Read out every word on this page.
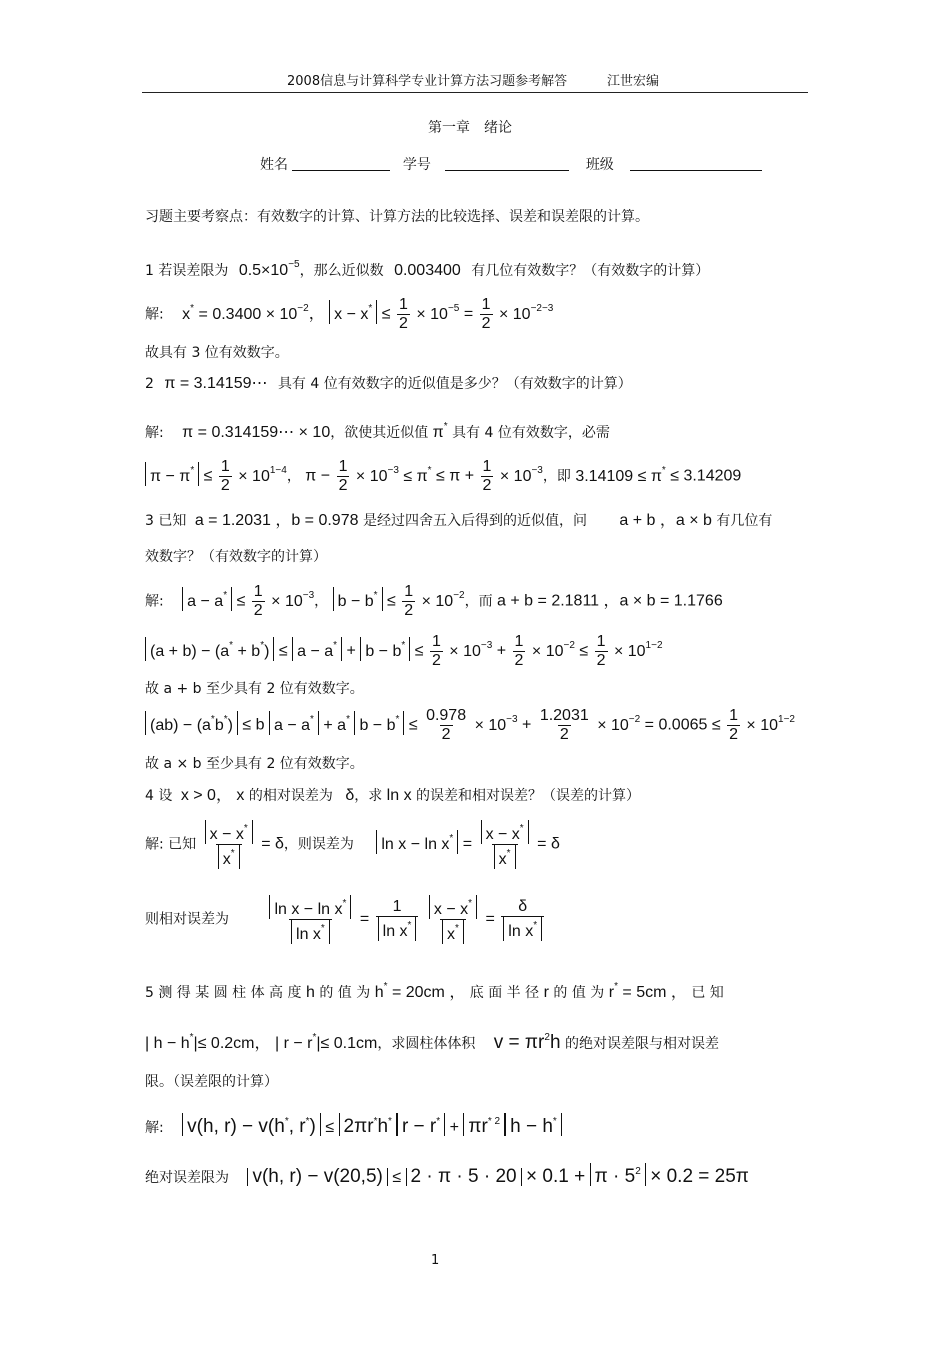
2008信息与计算科学专业计算方法习题参考解答	江世宏编
第一章　绪论
姓名	学号	班级
习题主要考察点：有效数字的计算、计算方法的比较选择、误差和误差限的计算。
1 若误差限为 $0.5\times 10^{-5}$，那么近似数 0.003400 有几位有效数字？（有效数字的计算）
解: $x^* = 0.3400 \times 10^{-2}$， $x - x^* \le \frac{1}{2} \times 10^{-5} = \frac{1}{2} \times 10^{-2-3}$
故具有 3 位有效数字。
2 π = 3.14159⋯ 具有 4 位有效数字的近似值是多少？（有效数字的计算）
解: π = 0.314159⋯ × 10，欲使其近似值 π* 具有 4 位有效数字，必需
$\pi - \pi^* \le \frac{1}{2} \times 10^{1-4}$， $\pi - \frac{1}{2} \times 10^{-3} \le \pi^* \le \pi + \frac{1}{2} \times 10^{-3}$，即 3.14109 ≤ π* ≤ 3.14209
3 已知 a = 1.2031 ，b = 0.978 是经过四舍五入后得到的近似值，问 a + b ，a × b 有几位有
效数字？（有效数字的计算）
解: $a - a^* \le \frac{1}{2} \times 10^{-3}$， $b - b^* \le \frac{1}{2} \times 10^{-2}$，而 a + b = 2.1811 ，a × b = 1.1766
$(a + b) - (a^* + b^*) \le a - a^* + b - b^* \le \frac{1}{2} \times 10^{-3} + \frac{1}{2} \times 10^{-2} \le \frac{1}{2} \times 10^{1-2}$
故 a + b 至少具有 2 位有效数字。
(ab) − (a*b*) ≤ b a − a* + a* $b - b^* \le \frac{0.978}{2} \times 10^{-3} + \frac{1.2031}{2} \times 10^{-2} = 0.0065 \le \frac{1}{2} \times 10^{1-2}$
故 a × b 至少具有 2 位有效数字。
4 设 x > 0， x 的相对误差为 δ，求 ln x 的误差和相对误差？（误差的计算）
解: 已知 $\frac{x - x^*}{x^*} = \delta$，则误差为 $\ln x - \ln x^* = \frac{x - x^*}{x^*} = \delta$
则相对误差为 $\frac{\ln x - \ln x^*}{\ln x^*} = \frac{1}{\ln x^*}$
$\frac{x - x^*}{x^*} = \frac{\delta}{\ln x^*}$
5 测 得 某 圆 柱 体 高 度 h 的 值 为 h* = 20cm ， 底 面 半 径 r 的 值 为 r* = 5cm ， 已 知
| h − h*|≤ 0.2cm， | r − r*|≤ 0.1cm，求圆柱体体积 $v = \pi r^2h$ 的绝对误差限与相对误差
限。（误差限的计算）
解: v(h, r) − v(h*, r*) ≤ 2πr*h* $r - r^* + \pi r^{* 2}$ h − h*
绝对误差限为 v(h, $r) - v(20,5) \le 2 \cdot \pi \cdot 5 \cdot 20 \times 0.1 + \pi \cdot 5^2 \times 0.2 = 25\pi$
1
